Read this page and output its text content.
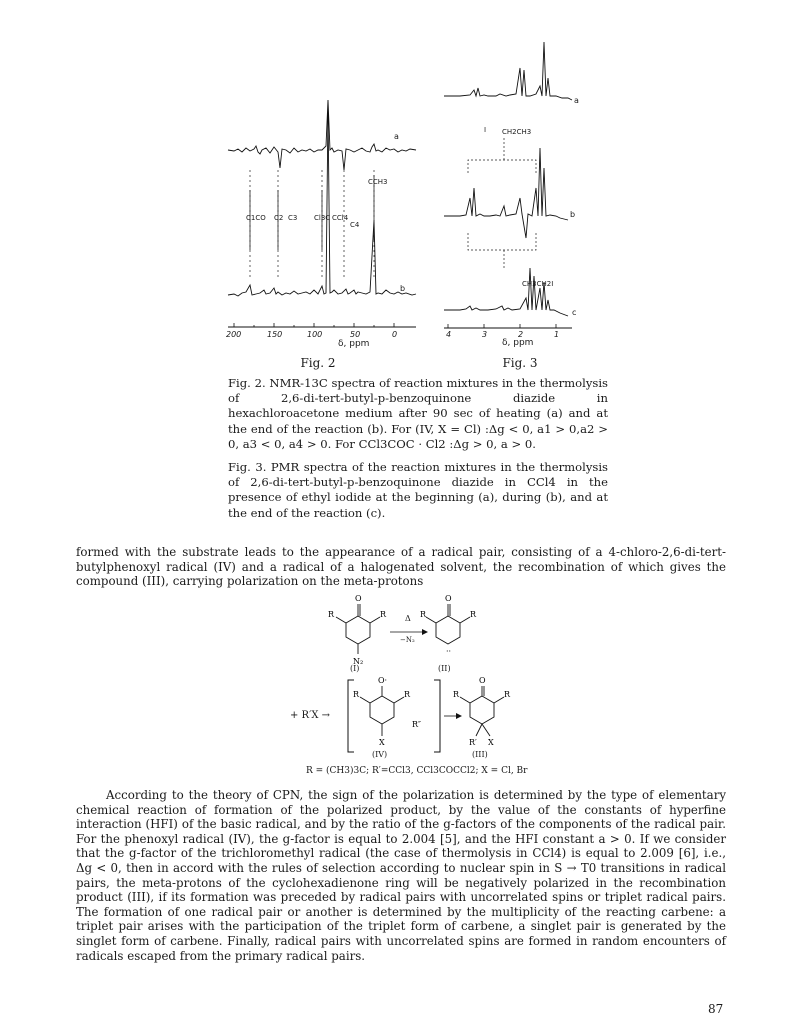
a
b
C1CO C2 C3 Cl3C CCl4
C4
CCH3
200	150	100	50	0
δ, ppm
Fig. 2
a
b
c
I CH2CH3
CH3CH2I
4	3	2	1
δ, ppm
Fig. 3

Fig. 2. NMR-13C spectra of reaction mixtures in the thermolysis of 2,6-di-tert-butyl-p-benzoquinone diazide in hexachloroacetone medium after 90 sec of heating (a) and at the end of the reaction (b). For (IV, X = Cl) :Δg < 0, a1 > 0,a2 > 0, a3 < 0, a4 > 0. For CCl3COC · Cl2 :Δg > 0, a > 0.

Fig. 3. PMR spectra of the reaction mixtures in the thermolysis of 2,6-di-tert-butyl-p-benzoquinone diazide in CCl4 in the presence of ethyl iodide at the beginning (a), during (b), and at the end of the reaction (c).

formed with the substrate leads to the appearance of a radical pair, consisting of a 4-chloro-2,6-di-tert-butylphenoxyl radical (IV) and a radical of a halogenated solvent, the recombination of which gives the compound (III), carrying polarization on the meta-protons

O
R	R
N₂
O
R	R
··
O·
R	R
X
R″
O
R	R
R′ X
Δ
−N₂
(I)	(II)
+ R′X →
(IV)	(III)
R = (CH3)3C; R′=CCl3, CCl3COCCl2; X = Cl, Br

According to the theory of CPN, the sign of the polarization is determined by the type of elementary chemical reaction of formation of the polarized product, by the value of the constants of hyperfine interaction (HFI) of the basic radical, and by the ratio of the g-factors of the components of the radical pair. For the phenoxyl radical (IV), the g-factor is equal to 2.004 [5], and the HFI constant a > 0. If we consider that the g-factor of the trichloromethyl radical (the case of thermolysis in CCl4) is equal to 2.009 [6], i.e., Δg < 0, then in accord with the rules of selection according to nuclear spin in S → T0 transitions in radical pairs, the meta-protons of the cyclohexadienone ring will be negatively polarized in the recombination product (III), if its formation was preceded by radical pairs with uncorrelated spins or triplet radical pairs. The formation of one radical pair or another is determined by the multiplicity of the reacting carbene: a triplet pair arises with the participation of the triplet form of carbene, a singlet pair is generated by the singlet form of carbene. Finally, radical pairs with uncorrelated spins are formed in random encounters of radicals escaped from the primary radical pairs.

87
